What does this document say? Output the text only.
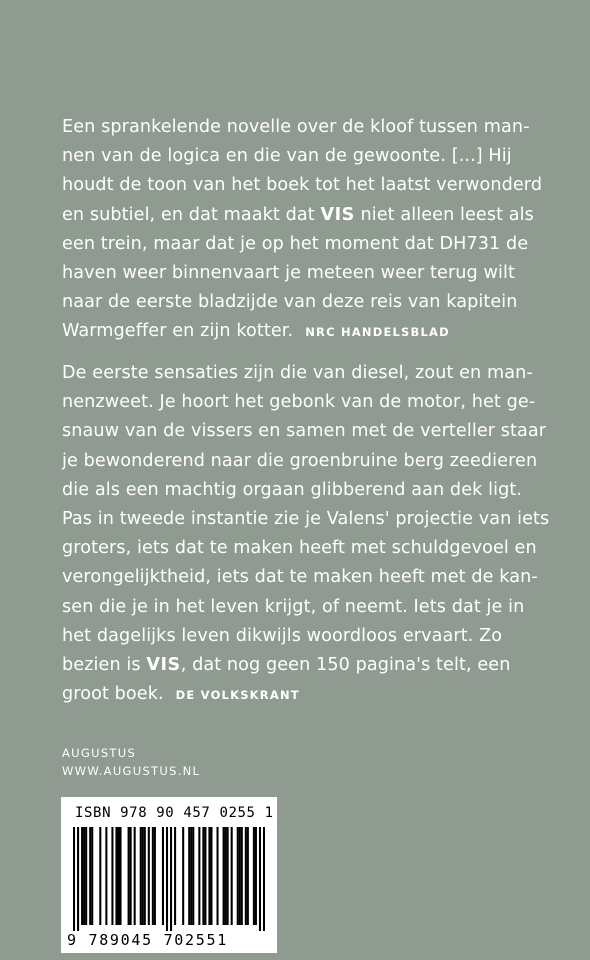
Een sprankelende novelle over de kloof tussen man-
nen van de logica en die van de gewoonte. [...] Hij
houdt de toon van het boek tot het laatst verwonderd
en subtiel, en dat maakt dat VIS niet alleen leest als
een trein, maar dat je op het moment dat DH731 de
haven weer binnenvaart je meteen weer terug wilt
naar de eerste bladzijde van deze reis van kapitein
Warmgeffer en zijn kotter. NRC HANDELSBLAD
De eerste sensaties zijn die van diesel, zout en man-
nenzweet. Je hoort het gebonk van de motor, het ge-
snauw van de vissers en samen met de verteller staar
je bewonderend naar die groenbruine berg zeedieren
die als een machtig orgaan glibberend aan dek ligt.
Pas in tweede instantie zie je Valens' projectie van iets
groters, iets dat te maken heeft met schuldgevoel en
verongelijktheid, iets dat te maken heeft met de kan-
sen die je in het leven krijgt, of neemt. Iets dat je in
het dagelijks leven dikwijls woordloos ervaart. Zo
bezien is VIS, dat nog geen 150 pagina's telt, een
groot boek. DE VOLKSKRANT
AUGUSTUS
WWW.AUGUSTUS.NL
ISBN 978 90 457 0255 1
9 789045 702551
